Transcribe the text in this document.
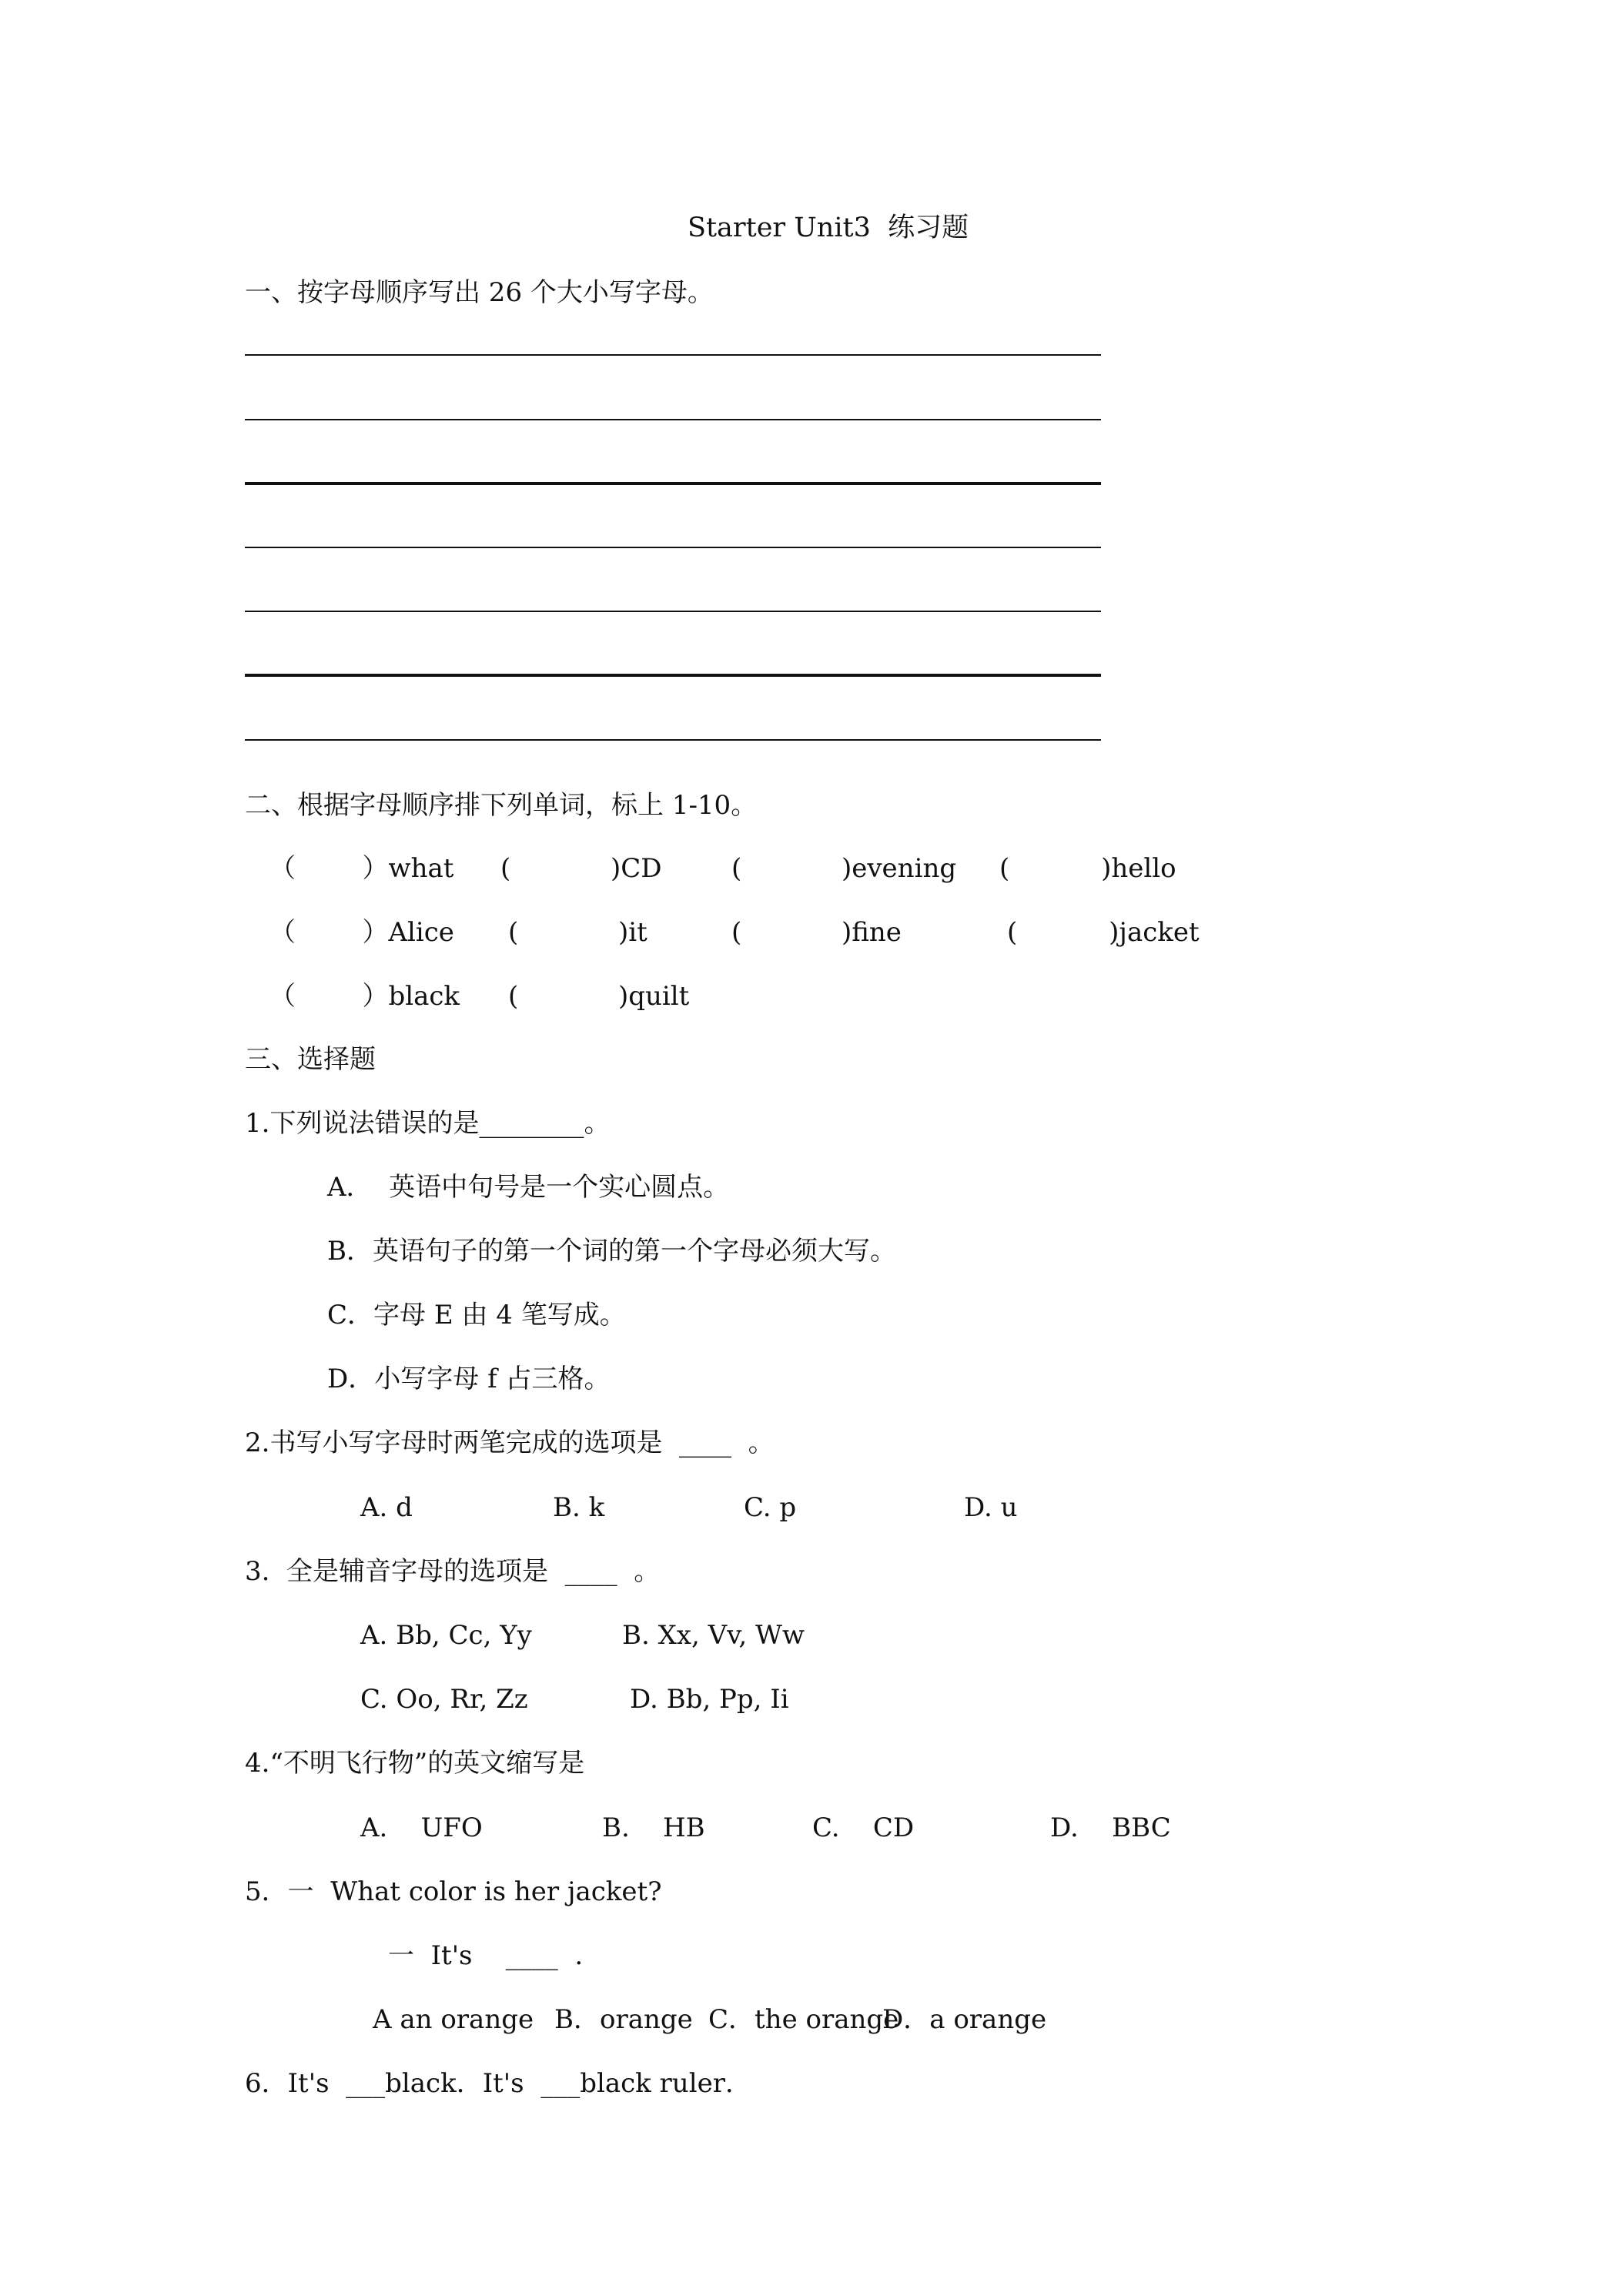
Starter Unit3  练习题
一、按字母顺序写出 26 个大小写字母。
二、根据字母顺序排下列单词，标上 1-10。
（        ）what (            )CD	(            )evening (           )hello
（        ）Alice (            )it	(            )fine	(           )jacket
（        ）black (            )quilt
三、选择题
1.下列说法错误的是________。
A．  英语中句号是一个实心圆点。
B．英语句子的第一个词的第一个字母必须大写。
C．字母 E 由 4 笔写成。
D．小写字母 f 占三格。
2.书写小写字母时两笔完成的选项是  ____  。
A. d	B. k	C. p	D. u
3.  全是辅音字母的选项是  ____  。
A. Bb, Cc, Yy	B. Xx, Vv, Ww
C. Oo, Rr, Zz	D. Bb, Pp, Ii
4.“不明飞行物”的英文缩写是
A.    UFO	B.    HB	C.    CD	D.    BBC
5．一  What color is her jacket?
一  It's    ____  .
A an orange B．orange C．the orange
D．a orange
6．It's  ___black．It's  ___black ruler．
